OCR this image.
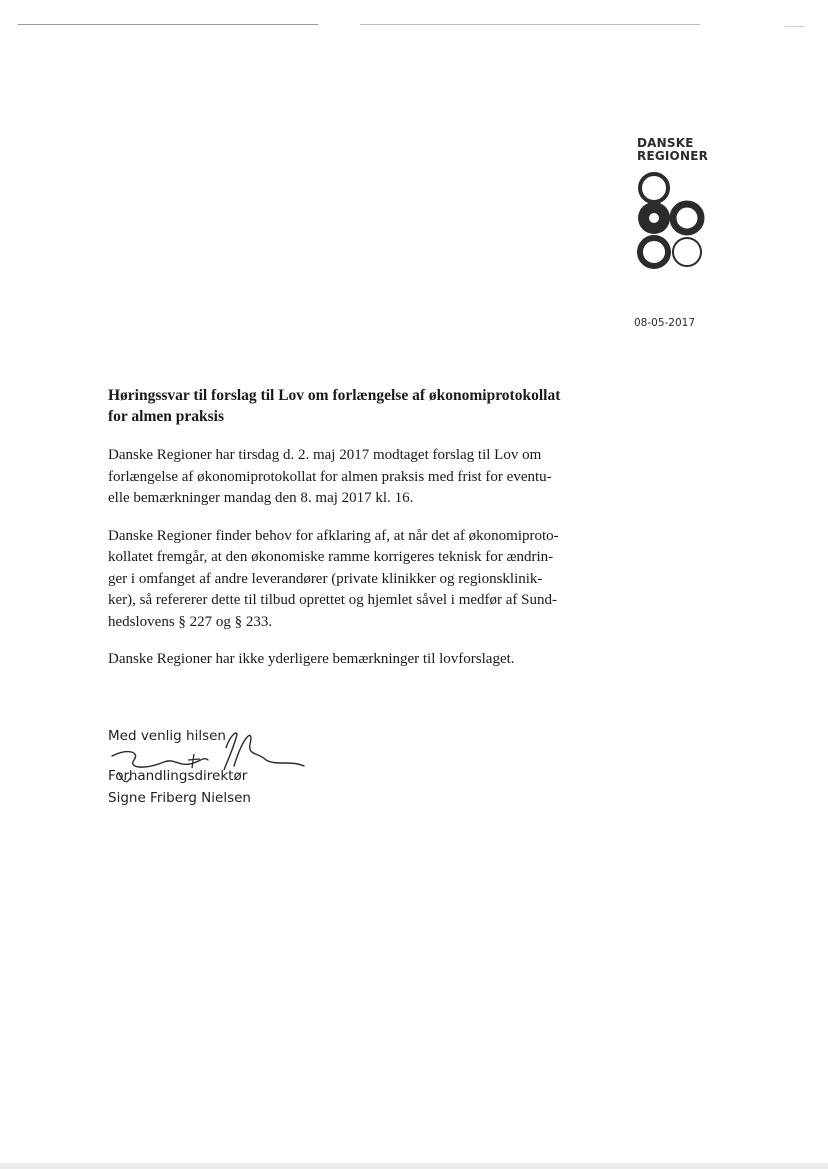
DANSKE
REGIONER
08-05-2017
Høringssvar til forslag til Lov om forlængelse af økonomiprotokollat
for almen praksis
Danske Regioner har tirsdag d. 2. maj 2017 modtaget forslag til Lov om
forlængelse af økonomiprotokollat for almen praksis med frist for eventu-
elle bemærkninger mandag den 8. maj 2017 kl. 16.
Danske Regioner finder behov for afklaring af, at når det af økonomiproto-
kollatet fremgår, at den økonomiske ramme korrigeres teknisk for ændrin-
ger i omfanget af andre leverandører (private klinikker og regionsklinik-
ker), så refererer dette til tilbud oprettet og hjemlet såvel i medfør af Sund-
hedslovens § 227 og § 233.
Danske Regioner har ikke yderligere bemærkninger til lovforslaget.
Med venlig hilsen
Forhandlingsdirektør
Signe Friberg Nielsen
